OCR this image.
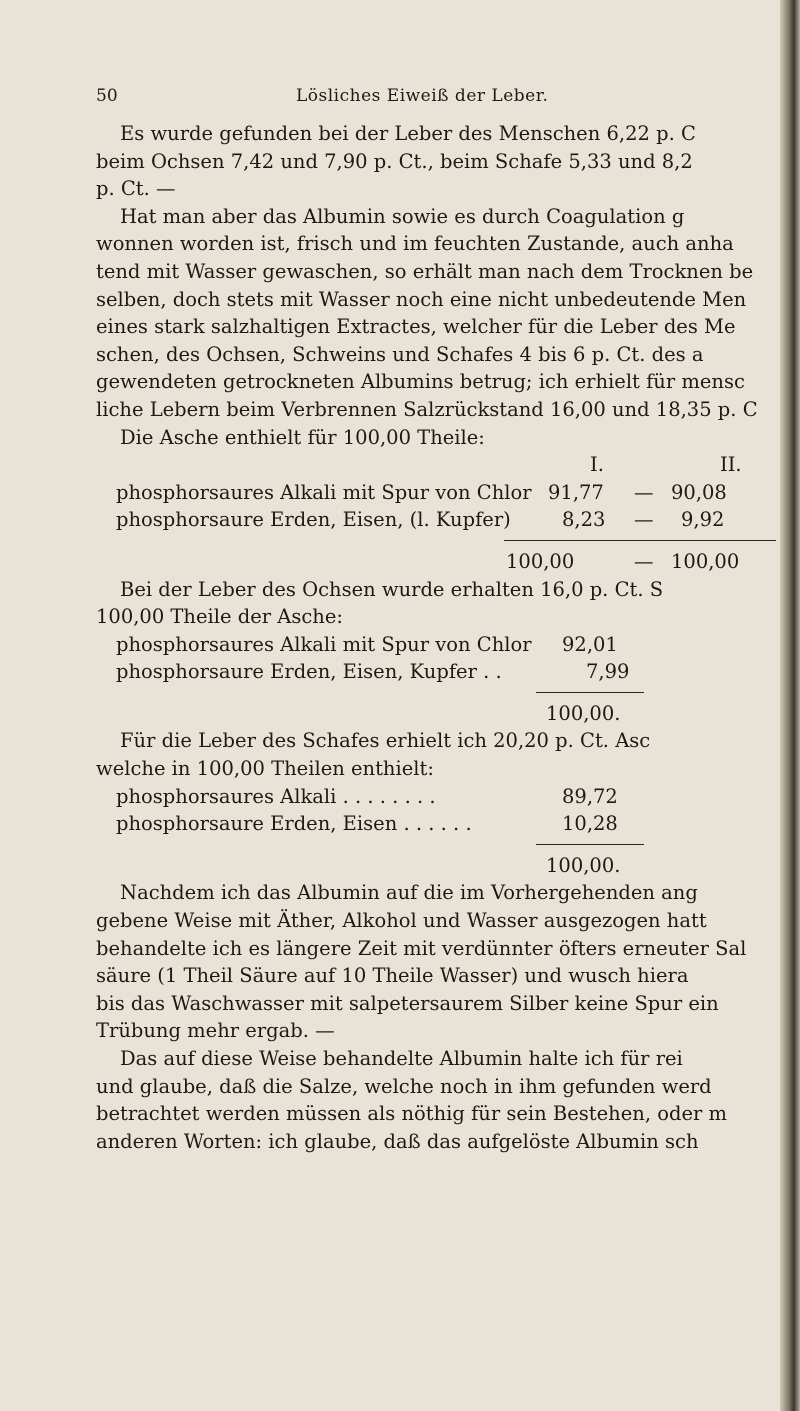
50	Lösliches Eiweiß der Leber.
Es wurde gefunden bei der Leber des Menschen 6,22 p. C
beim Ochsen 7,42 und 7,90 p. Ct., beim Schafe 5,33 und 8,2
p. Ct. —
Hat man aber das Albumin sowie es durch Coagulation g
wonnen worden ist, frisch und im feuchten Zustande, auch anha
tend mit Wasser gewaschen, so erhält man nach dem Trocknen be
selben, doch stets mit Wasser noch eine nicht unbedeutende Men
eines stark salzhaltigen Extractes, welcher für die Leber des Me
schen, des Ochsen, Schweins und Schafes 4 bis 6 p. Ct. des a
gewendeten getrockneten Albumins betrug; ich erhielt für mensc
liche Lebern beim Verbrennen Salzrückstand 16,00 und 18,35 p. C
Die Asche enthielt für 100,00 Theile:
I.	II.
phosphorsaures Alkali mit Spur von Chlor 91,77 — 90,08
phosphorsaure Erden, Eisen, (l. Kupfer)	8,23 — 9,92
100,00	— 100,00
Bei der Leber des Ochsen wurde erhalten 16,0 p. Ct. S
100,00 Theile der Asche:
phosphorsaures Alkali mit Spur von Chlor 92,01
phosphorsaure Erden, Eisen, Kupfer . .	7,99
100,00.
Für die Leber des Schafes erhielt ich 20,20 p. Ct. Asc
welche in 100,00 Theilen enthielt:
phosphorsaures Alkali . . . . . . . .	89,72
phosphorsaure Erden, Eisen . . . . . .	10,28
100,00.
Nachdem ich das Albumin auf die im Vorhergehenden ang
gebene Weise mit Äther, Alkohol und Wasser ausgezogen hatt
behandelte ich es längere Zeit mit verdünnter öfters erneuter Sal
säure (1 Theil Säure auf 10 Theile Wasser) und wusch hiera
bis das Waschwasser mit salpetersaurem Silber keine Spur ein
Trübung mehr ergab. —
Das auf diese Weise behandelte Albumin halte ich für rei
und glaube, daß die Salze, welche noch in ihm gefunden werd
betrachtet werden müssen als nöthig für sein Bestehen, oder m
anderen Worten: ich glaube, daß das aufgelöste Albumin sch
